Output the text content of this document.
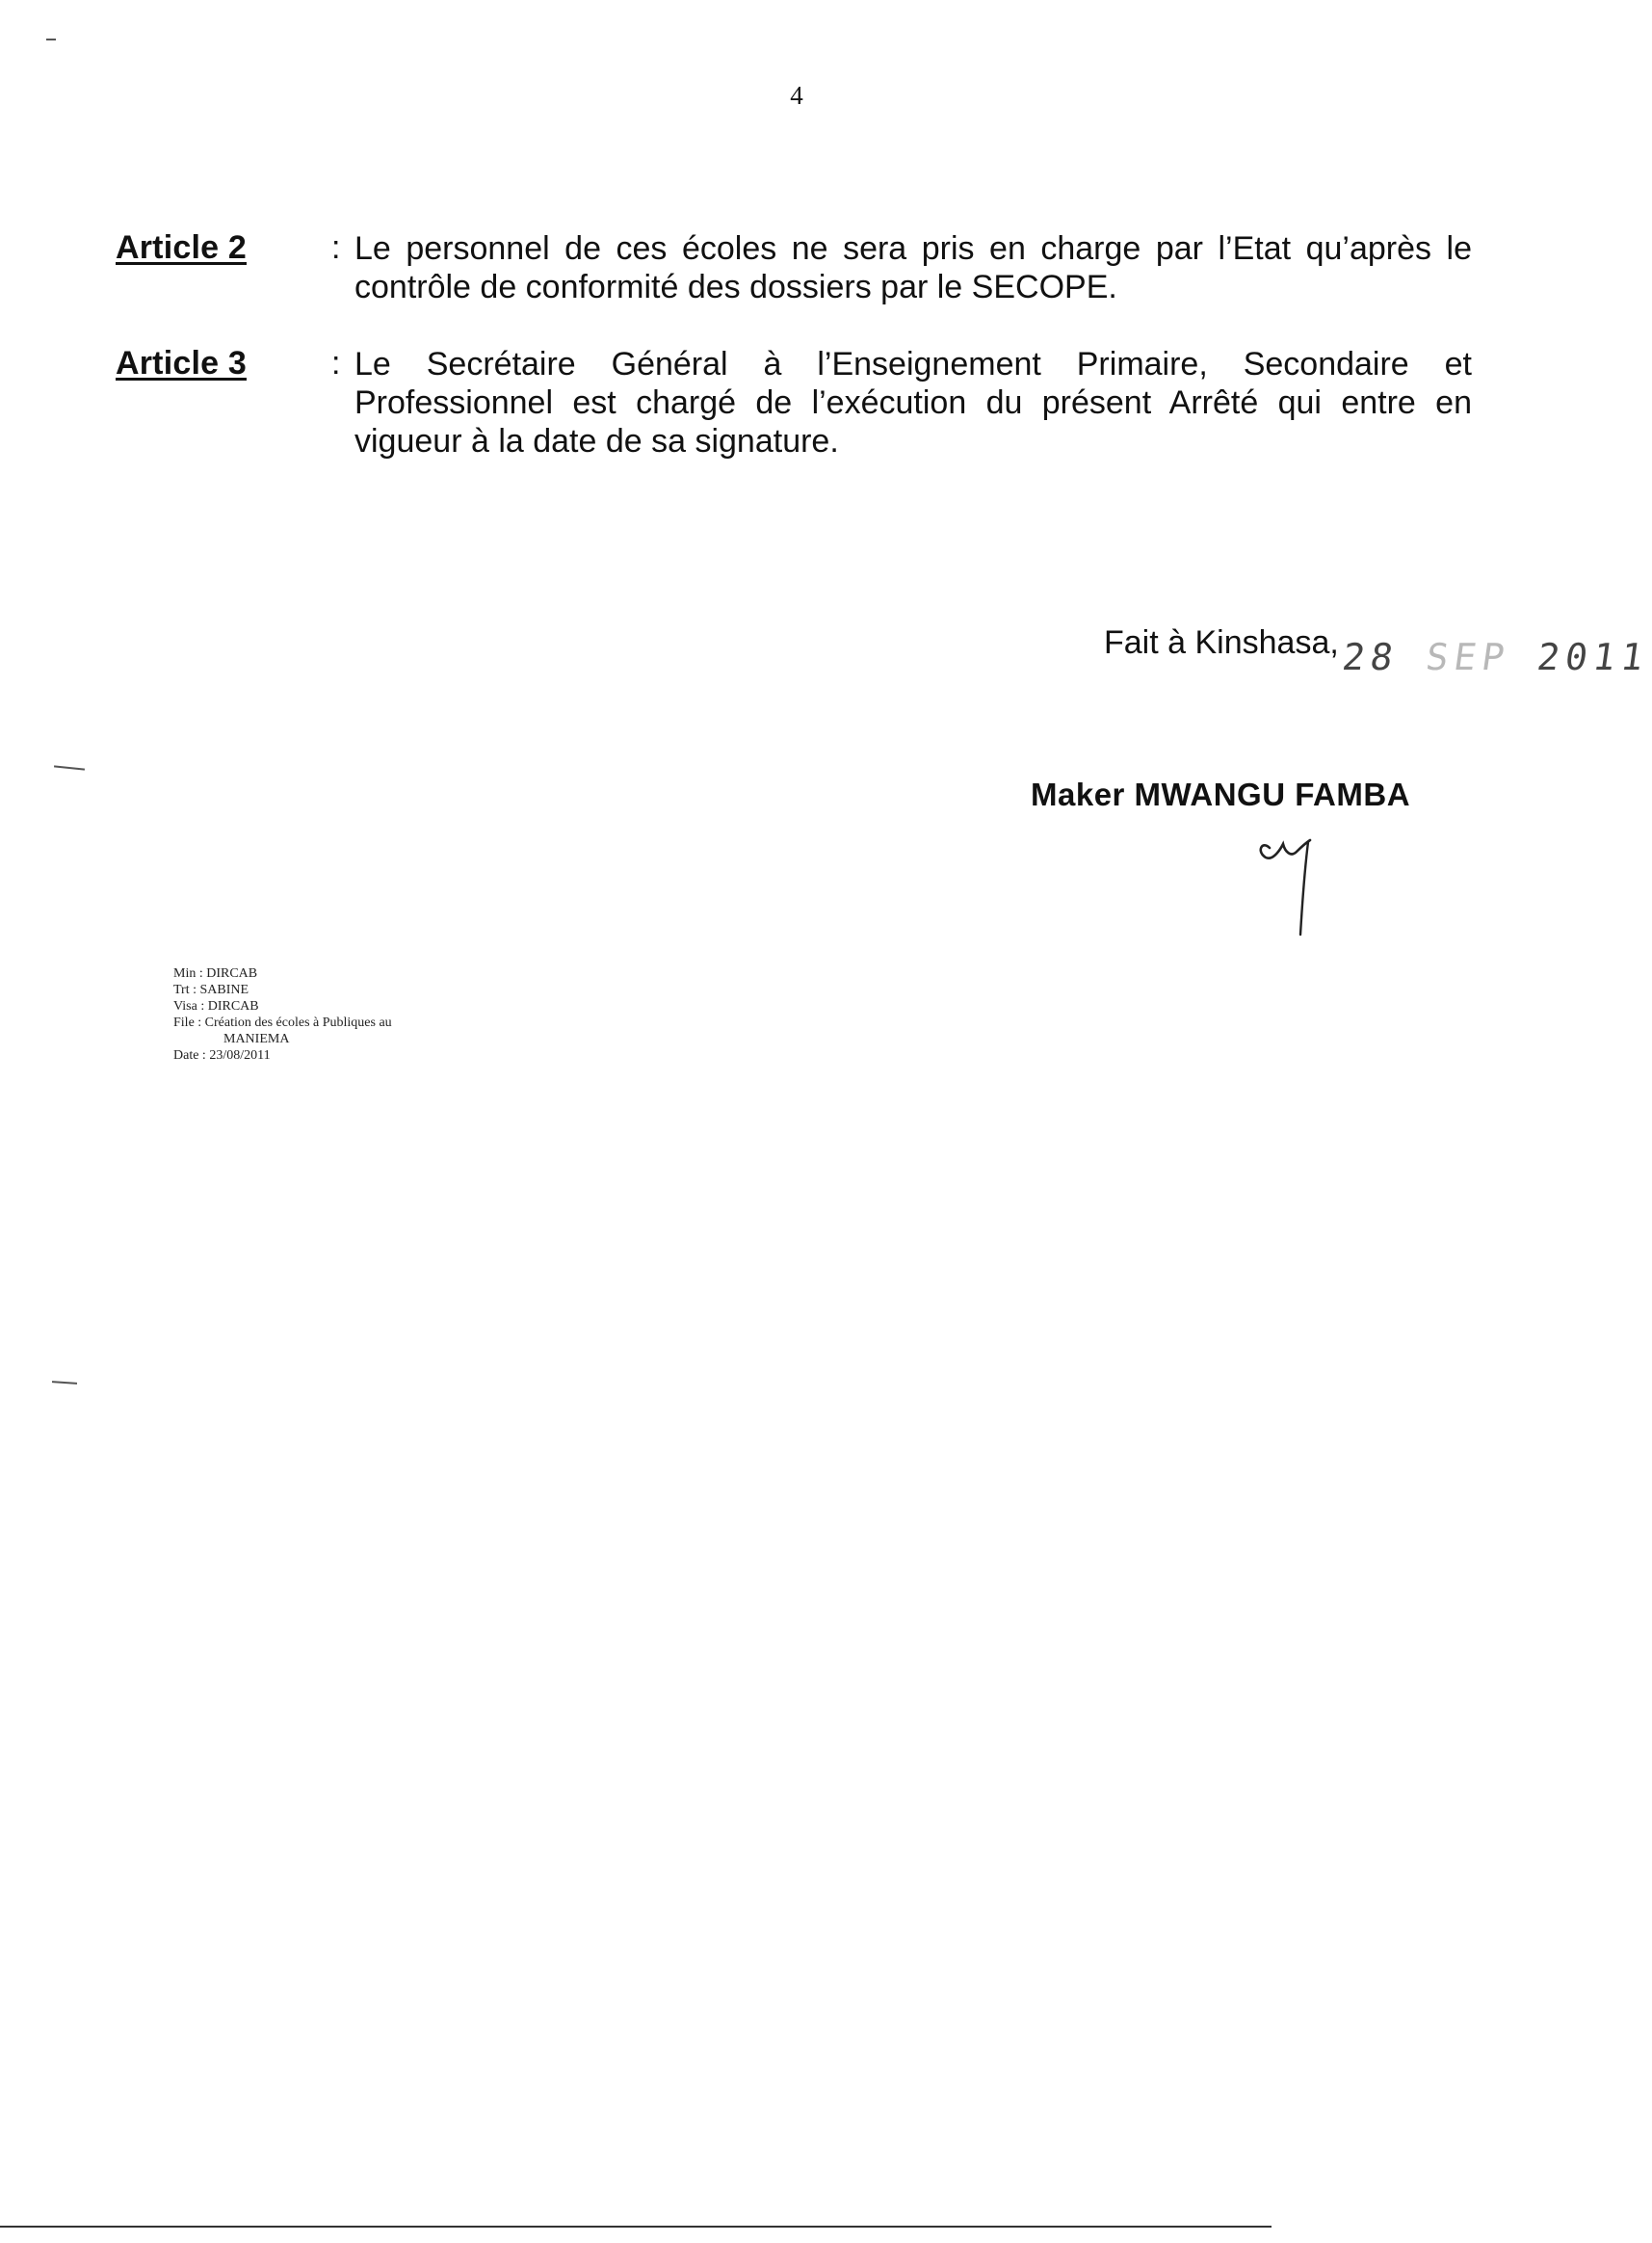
4
Article 2	: Le personnel de ces écoles ne sera pris en charge par l’Etat qu’après le contrôle de conformité des dossiers par le SECOPE.
Article 3	: Le Secrétaire Général à l’Enseignement Primaire, Secondaire et Professionnel est chargé de l’exécution du présent Arrêté qui entre en vigueur à la date de sa signature.
Fait à Kinshasa, 28 SEP 2011
Maker MWANGU FAMBA
Min : DIRCAB
Trt : SABINE
Visa : DIRCAB
File : Création des écoles à Publiques au
MANIEMA
Date : 23/08/2011
